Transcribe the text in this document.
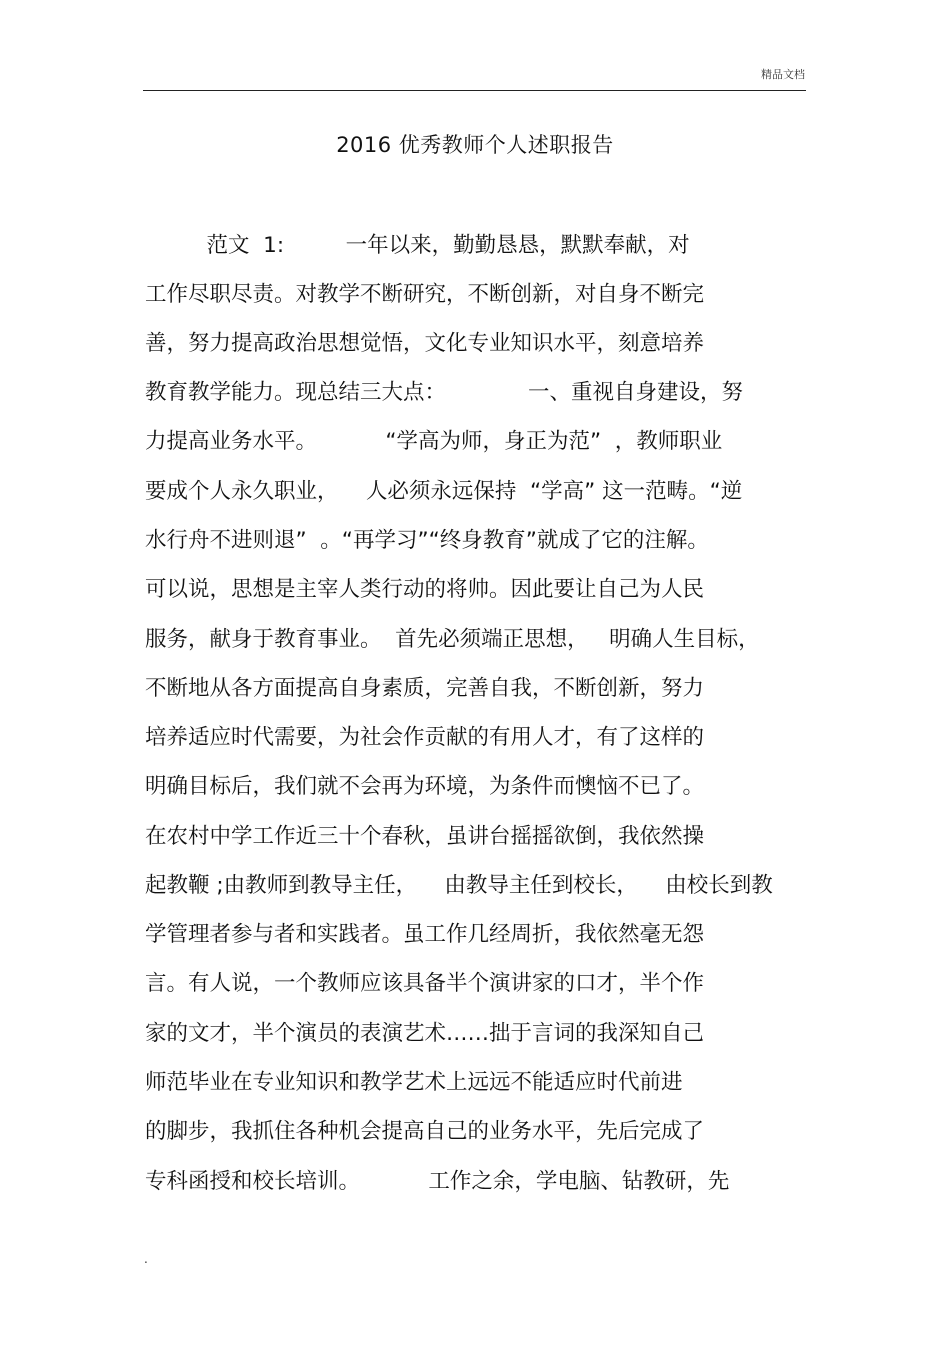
精品文档
2016 优秀教师个人述职报告
范文  1:         一年以来，勤勤恳恳，默默奉献，对
工作尽职尽责。对教学不断研究，不断创新，对自身不断完
善，努力提高政治思想觉悟，文化专业知识水平，刻意培养
教育教学能力。现总结三大点：            一、重视自身建设，努
力提高业务水平。          “学高为师，身正为范”  ，教师职业
要成个人永久职业，    人必须永远保持  “学高” 这一范畴。“逆
水行舟不进则退”  。“再学习”“终身教育”就成了它的注解。
可以说，思想是主宰人类行动的将帅。因此要让自己为人民
服务，献身于教育事业。  首先必须端正思想，   明确人生目标，
不断地从各方面提高自身素质，完善自我，不断创新，努力
培养适应时代需要，为社会作贡献的有用人才，有了这样的
明确目标后，我们就不会再为环境，为条件而懊恼不已了。
在农村中学工作近三十个春秋，虽讲台摇摇欲倒，我依然操
起教鞭 ;由教师到教导主任，    由教导主任到校长，    由校长到教
学管理者参与者和实践者。虽工作几经周折，我依然毫无怨
言。有人说，一个教师应该具备半个演讲家的口才，半个作
家的文才，半个演员的表演艺术……拙于言词的我深知自己
师范毕业在专业知识和教学艺术上远远不能适应时代前进
的脚步，我抓住各种机会提高自己的业务水平，先后完成了
专科函授和校长培训。          工作之余，学电脑、钻教研，先
.
